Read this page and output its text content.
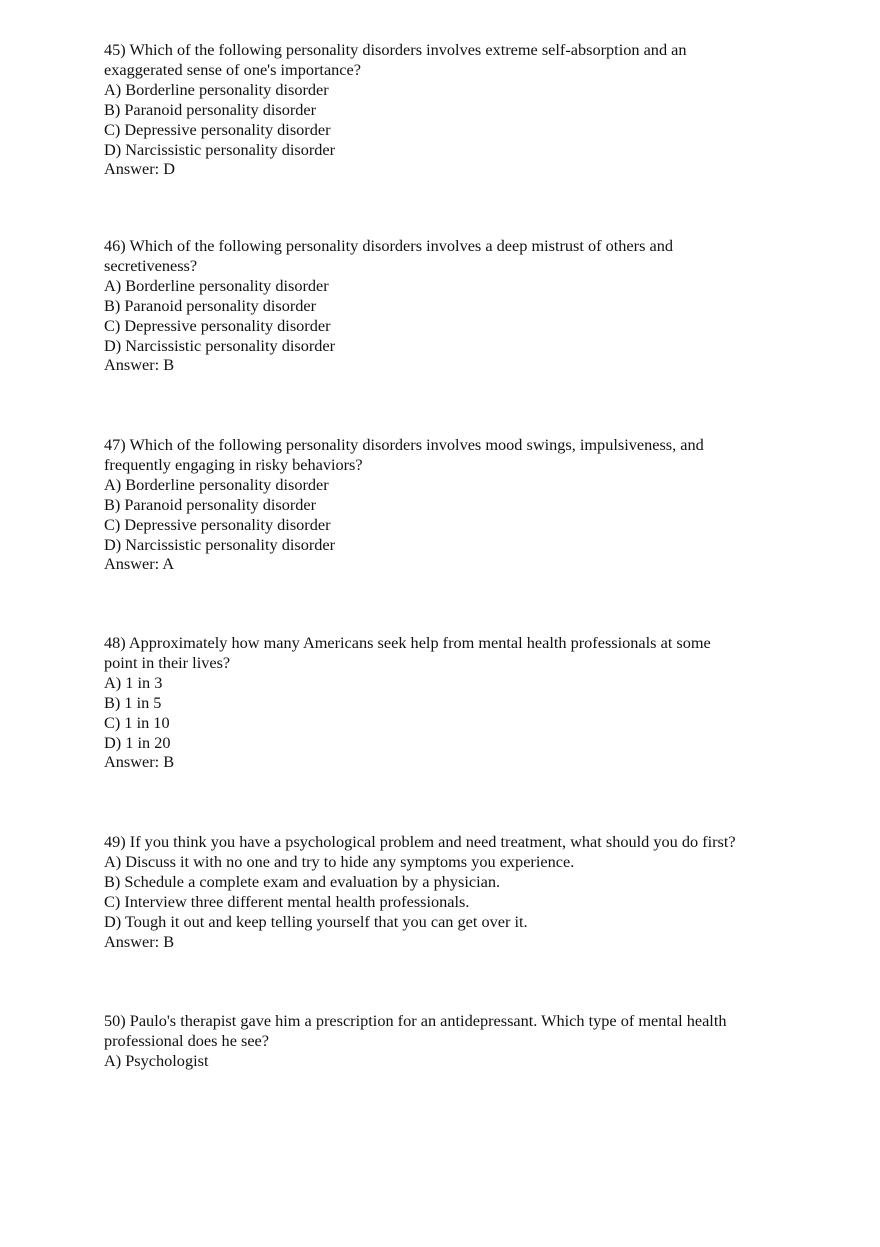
45) Which of the following personality disorders involves extreme self-absorption and an
exaggerated sense of one's importance?
A) Borderline personality disorder
B) Paranoid personality disorder
C) Depressive personality disorder
D) Narcissistic personality disorder
Answer: D
46) Which of the following personality disorders involves a deep mistrust of others and
secretiveness?
A) Borderline personality disorder
B) Paranoid personality disorder
C) Depressive personality disorder
D) Narcissistic personality disorder
Answer: B
47) Which of the following personality disorders involves mood swings, impulsiveness, and
frequently engaging in risky behaviors?
A) Borderline personality disorder
B) Paranoid personality disorder
C) Depressive personality disorder
D) Narcissistic personality disorder
Answer: A
48) Approximately how many Americans seek help from mental health professionals at some
point in their lives?
A) 1 in 3
B) 1 in 5
C) 1 in 10
D) 1 in 20
Answer: B
49) If you think you have a psychological problem and need treatment, what should you do first?
A) Discuss it with no one and try to hide any symptoms you experience.
B) Schedule a complete exam and evaluation by a physician.
C) Interview three different mental health professionals.
D) Tough it out and keep telling yourself that you can get over it.
Answer: B
50) Paulo's therapist gave him a prescription for an antidepressant. Which type of mental health
professional does he see?
A) Psychologist
